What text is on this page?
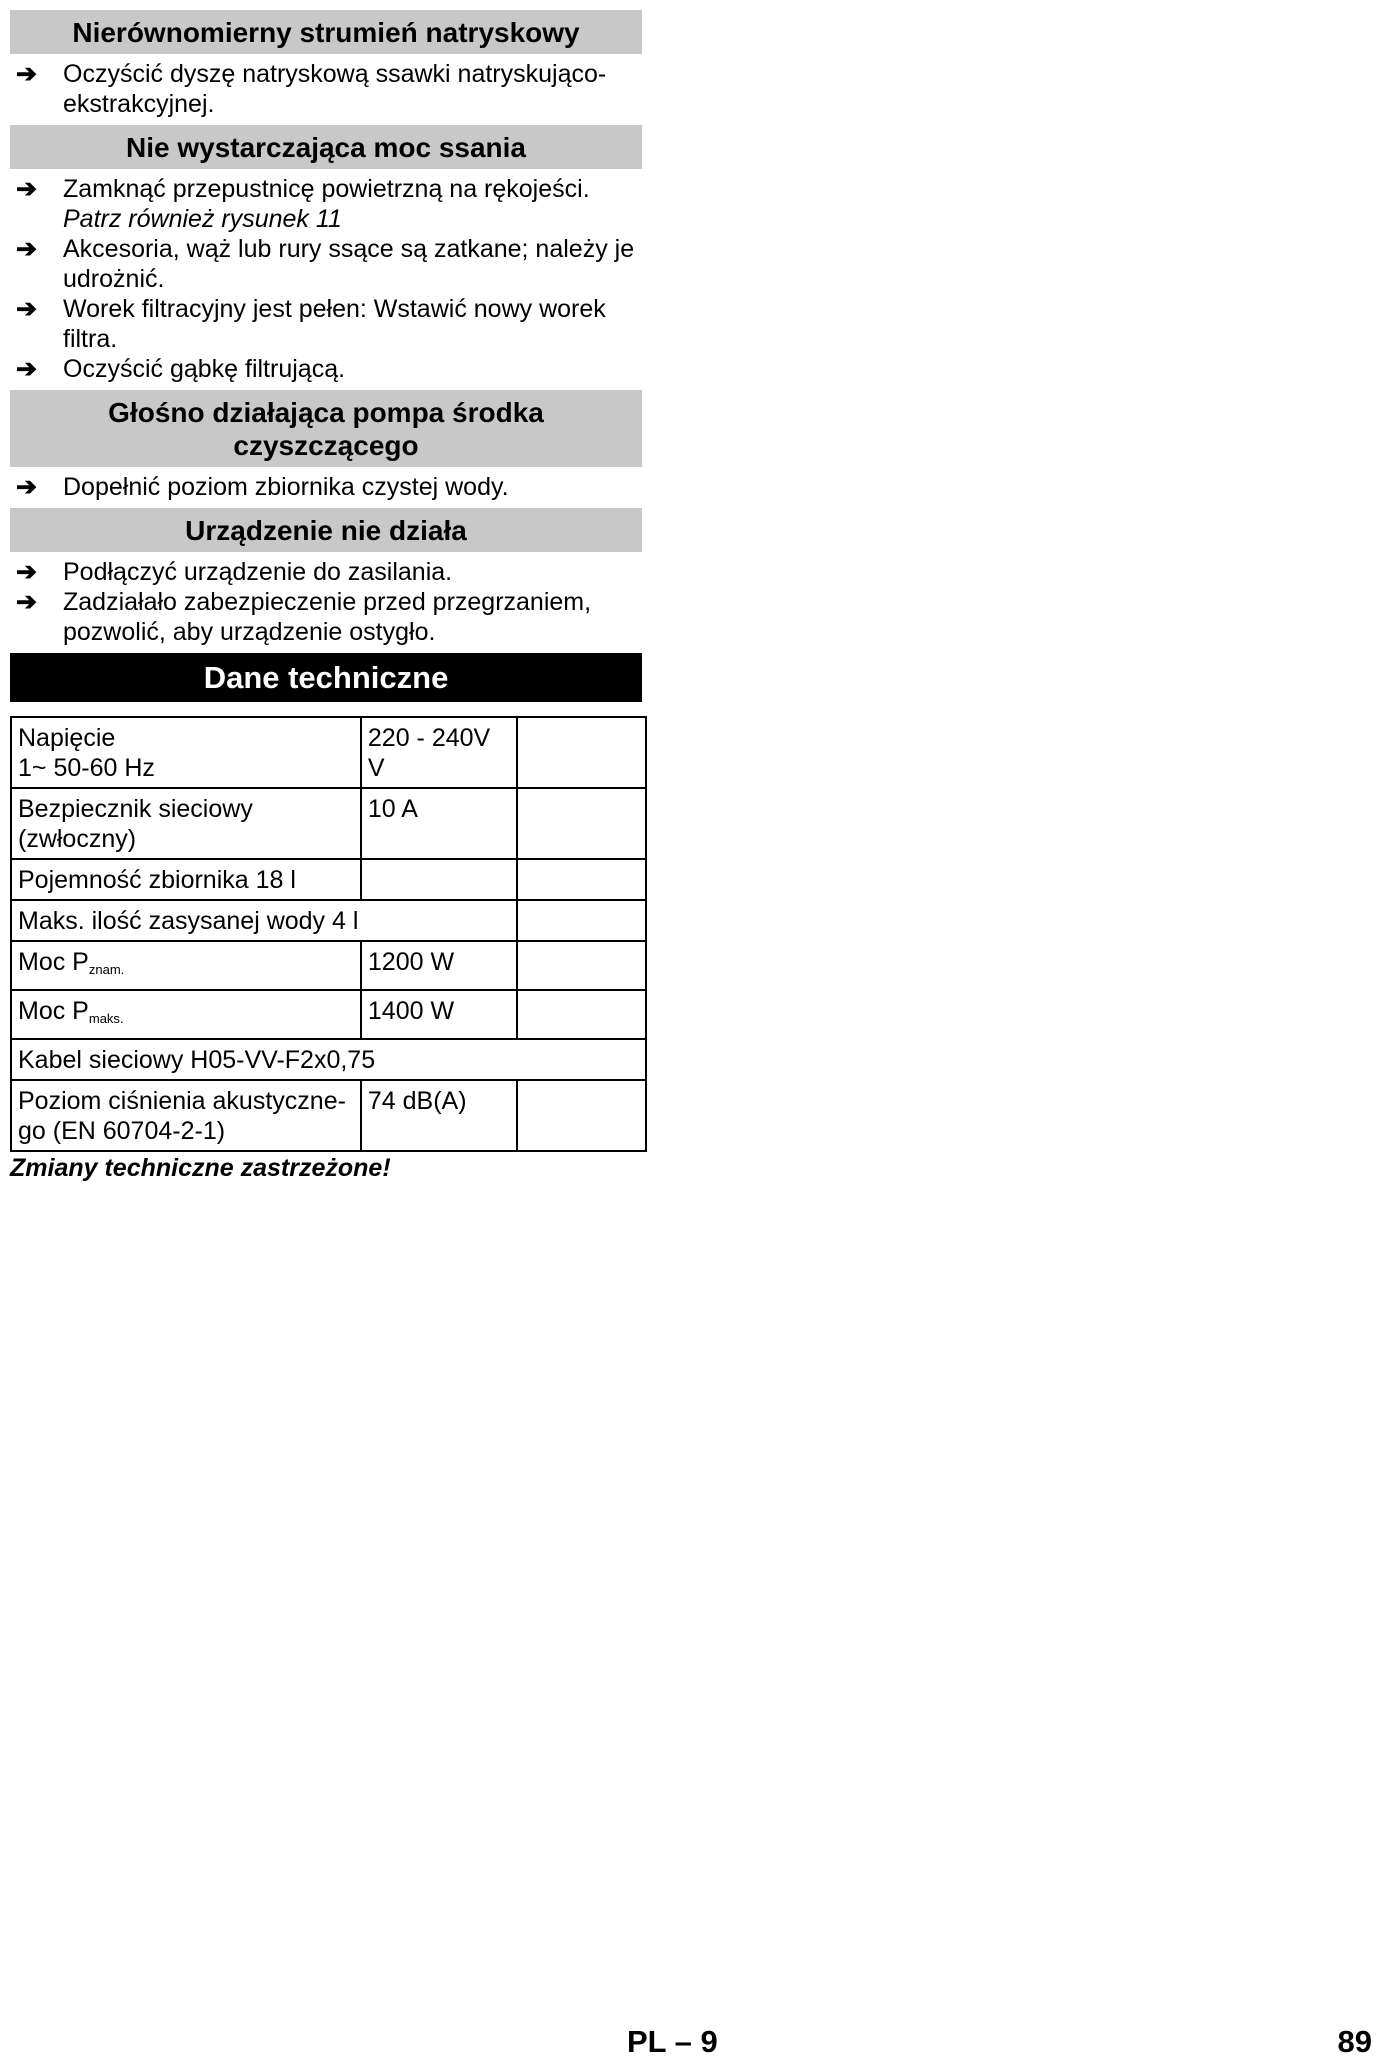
Nierównomierny strumień natryskowy
➔ Oczyścić dyszę natryskową ssawki natryskująco-ekstrakcyjnej.
Nie wystarczająca moc ssania
➔ Zamknąć przepustnicę powietrzną na rękojeści.
Patrz również rysunek 11
➔ Akcesoria, wąż lub rury ssące są zatkane; należy je udrożnić.
➔ Worek filtracyjny jest pełen: Wstawić nowy worek filtra.
➔ Oczyścić gąbkę filtrującą.
Głośno działająca pompa środka czyszczącego
➔ Dopełnić poziom zbiornika czystej wody.
Urządzenie nie działa
➔ Podłączyć urządzenie do zasilania.
➔ Zadziałało zabezpieczenie przed przegrzaniem, pozwolić, aby urządzenie ostygło.
Dane techniczne
Napięcie
1~ 50-60 Hz	220 - 240V V	
Bezpiecznik sieciowy
(zwłoczny)	10 A	
Pojemność zbiornika 18 l		
Maks. ilość zasysanej wody 4 l		
Moc $P_{znam.}$	1200 W	
Moc $P_{maks.}$	1400 W	
Kabel sieciowy H05-VV-F2x0,75		
Poziom ciśnienia akustyczne-
go (EN 60704-2-1)	74 dB(A)	
Zmiany techniczne zastrzeżone!
PL – 9	89
